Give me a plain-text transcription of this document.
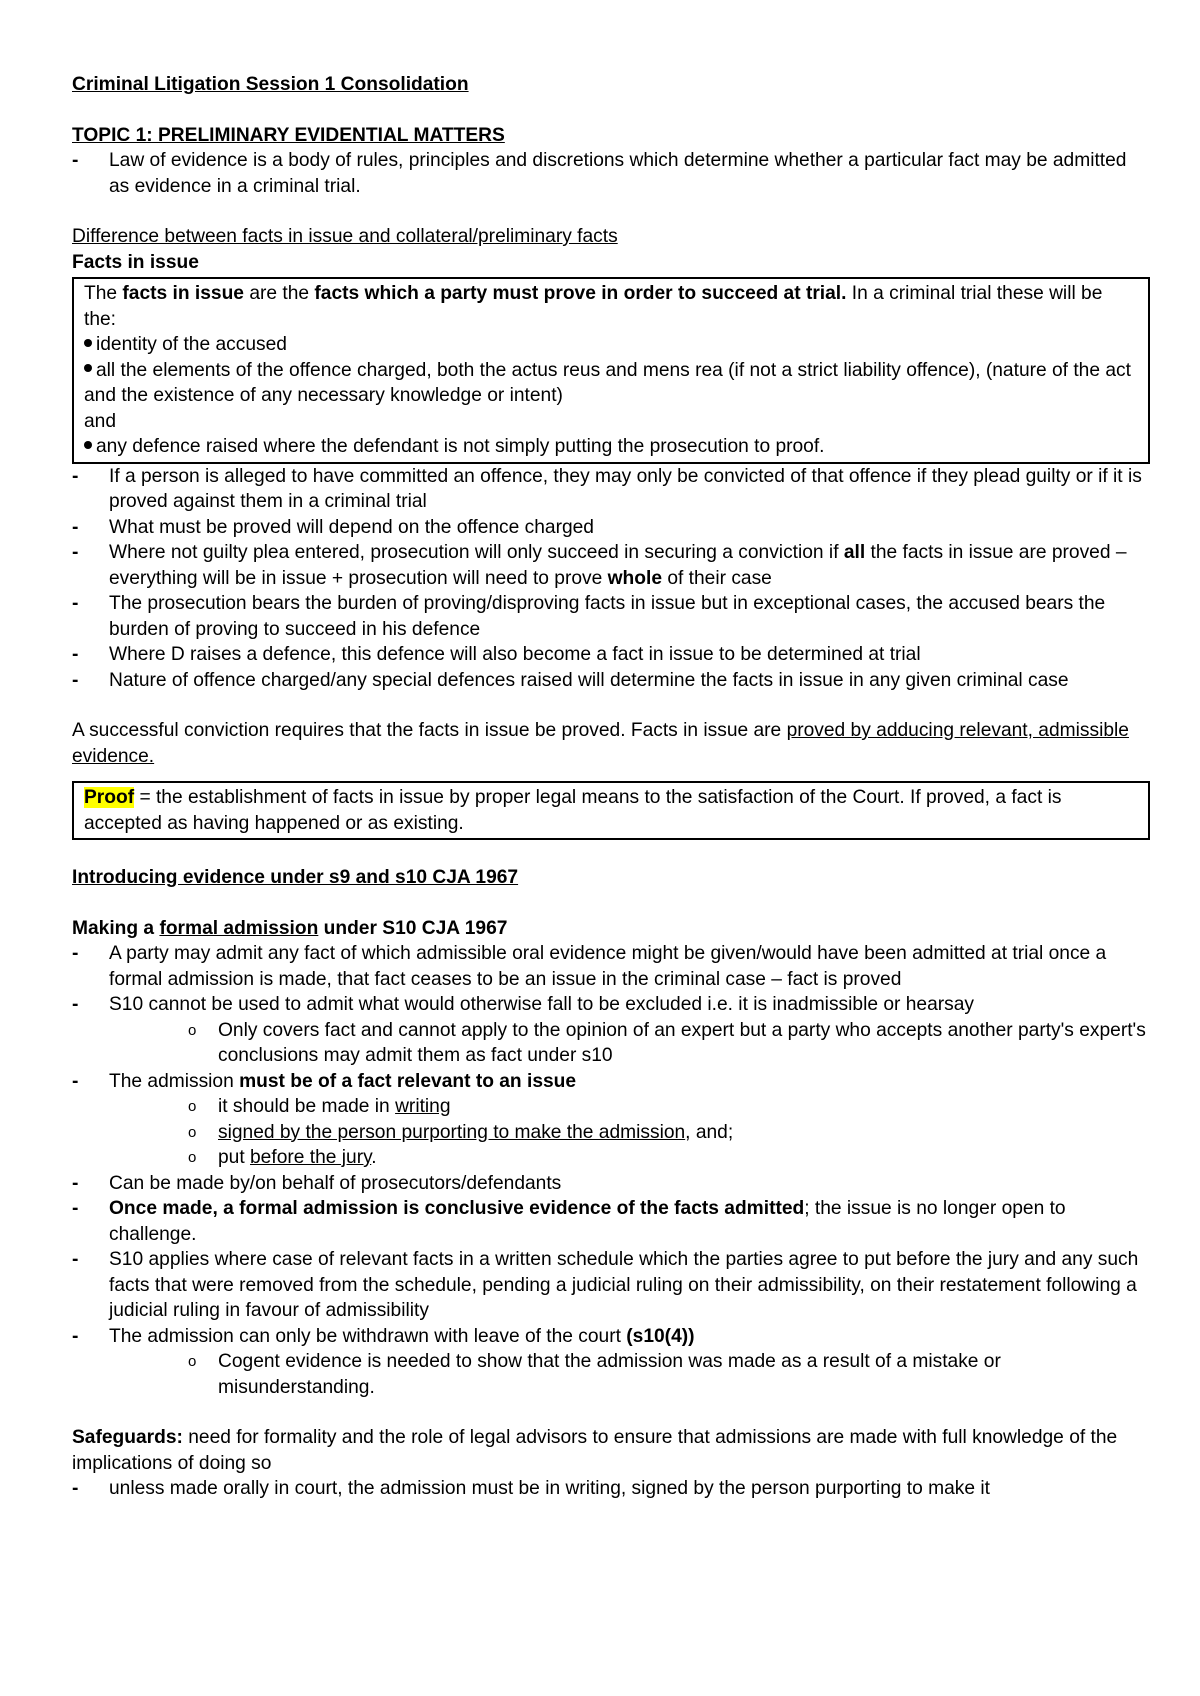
Criminal Litigation Session 1 Consolidation

TOPIC 1: PRELIMINARY EVIDENTIAL MATTERS

- Law of evidence is a body of rules, principles and discretions which determine whether a particular fact may be admitted as evidence in a criminal trial.

Difference between facts in issue and collateral/preliminary facts

Facts in issue

The facts in issue are the facts which a party must prove in order to succeed at trial. In a criminal trial these will be the:

identity of the accused

all the elements of the offence charged, both the actus reus and mens rea (if not a strict liability offence), (nature of the act and the existence of any necessary knowledge or intent)

and

any defence raised where the defendant is not simply putting the prosecution to proof.

- If a person is alleged to have committed an offence, they may only be convicted of that offence if they plead guilty or if it is proved against them in a criminal trial

- What must be proved will depend on the offence charged

- Where not guilty plea entered, prosecution will only succeed in securing a conviction if all the facts in issue are proved – everything will be in issue + prosecution will need to prove whole of their case

- The prosecution bears the burden of proving/disproving facts in issue but in exceptional cases, the accused bears the burden of proving to succeed in his defence

- Where D raises a defence, this defence will also become a fact in issue to be determined at trial

- Nature of offence charged/any special defences raised will determine the facts in issue in any given criminal case

A successful conviction requires that the facts in issue be proved. Facts in issue are proved by adducing relevant, admissible evidence.

Proof = the establishment of facts in issue by proper legal means to the satisfaction of the Court. If proved, a fact is accepted as having happened or as existing.

Introducing evidence under s9 and s10 CJA 1967

Making a formal admission under S10 CJA 1967

- A party may admit any fact of which admissible oral evidence might be given/would have been admitted at trial once a formal admission is made, that fact ceases to be an issue in the criminal case – fact is proved

- S10 cannot be used to admit what would otherwise fall to be excluded i.e. it is inadmissible or hearsay

o Only covers fact and cannot apply to the opinion of an expert but a party who accepts another party's expert's conclusions may admit them as fact under s10

- The admission must be of a fact relevant to an issue

o it should be made in writing

o signed by the person purporting to make the admission, and;

o put before the jury.

- Can be made by/on behalf of prosecutors/defendants

- Once made, a formal admission is conclusive evidence of the facts admitted; the issue is no longer open to challenge.

- S10 applies where case of relevant facts in a written schedule which the parties agree to put before the jury and any such facts that were removed from the schedule, pending a judicial ruling on their admissibility, on their restatement following a judicial ruling in favour of admissibility

- The admission can only be withdrawn with leave of the court (s10(4))

o Cogent evidence is needed to show that the admission was made as a result of a mistake or misunderstanding.

Safeguards: need for formality and the role of legal advisors to ensure that admissions are made with full knowledge of the implications of doing so

- unless made orally in court, the admission must be in writing, signed by the person purporting to make it
